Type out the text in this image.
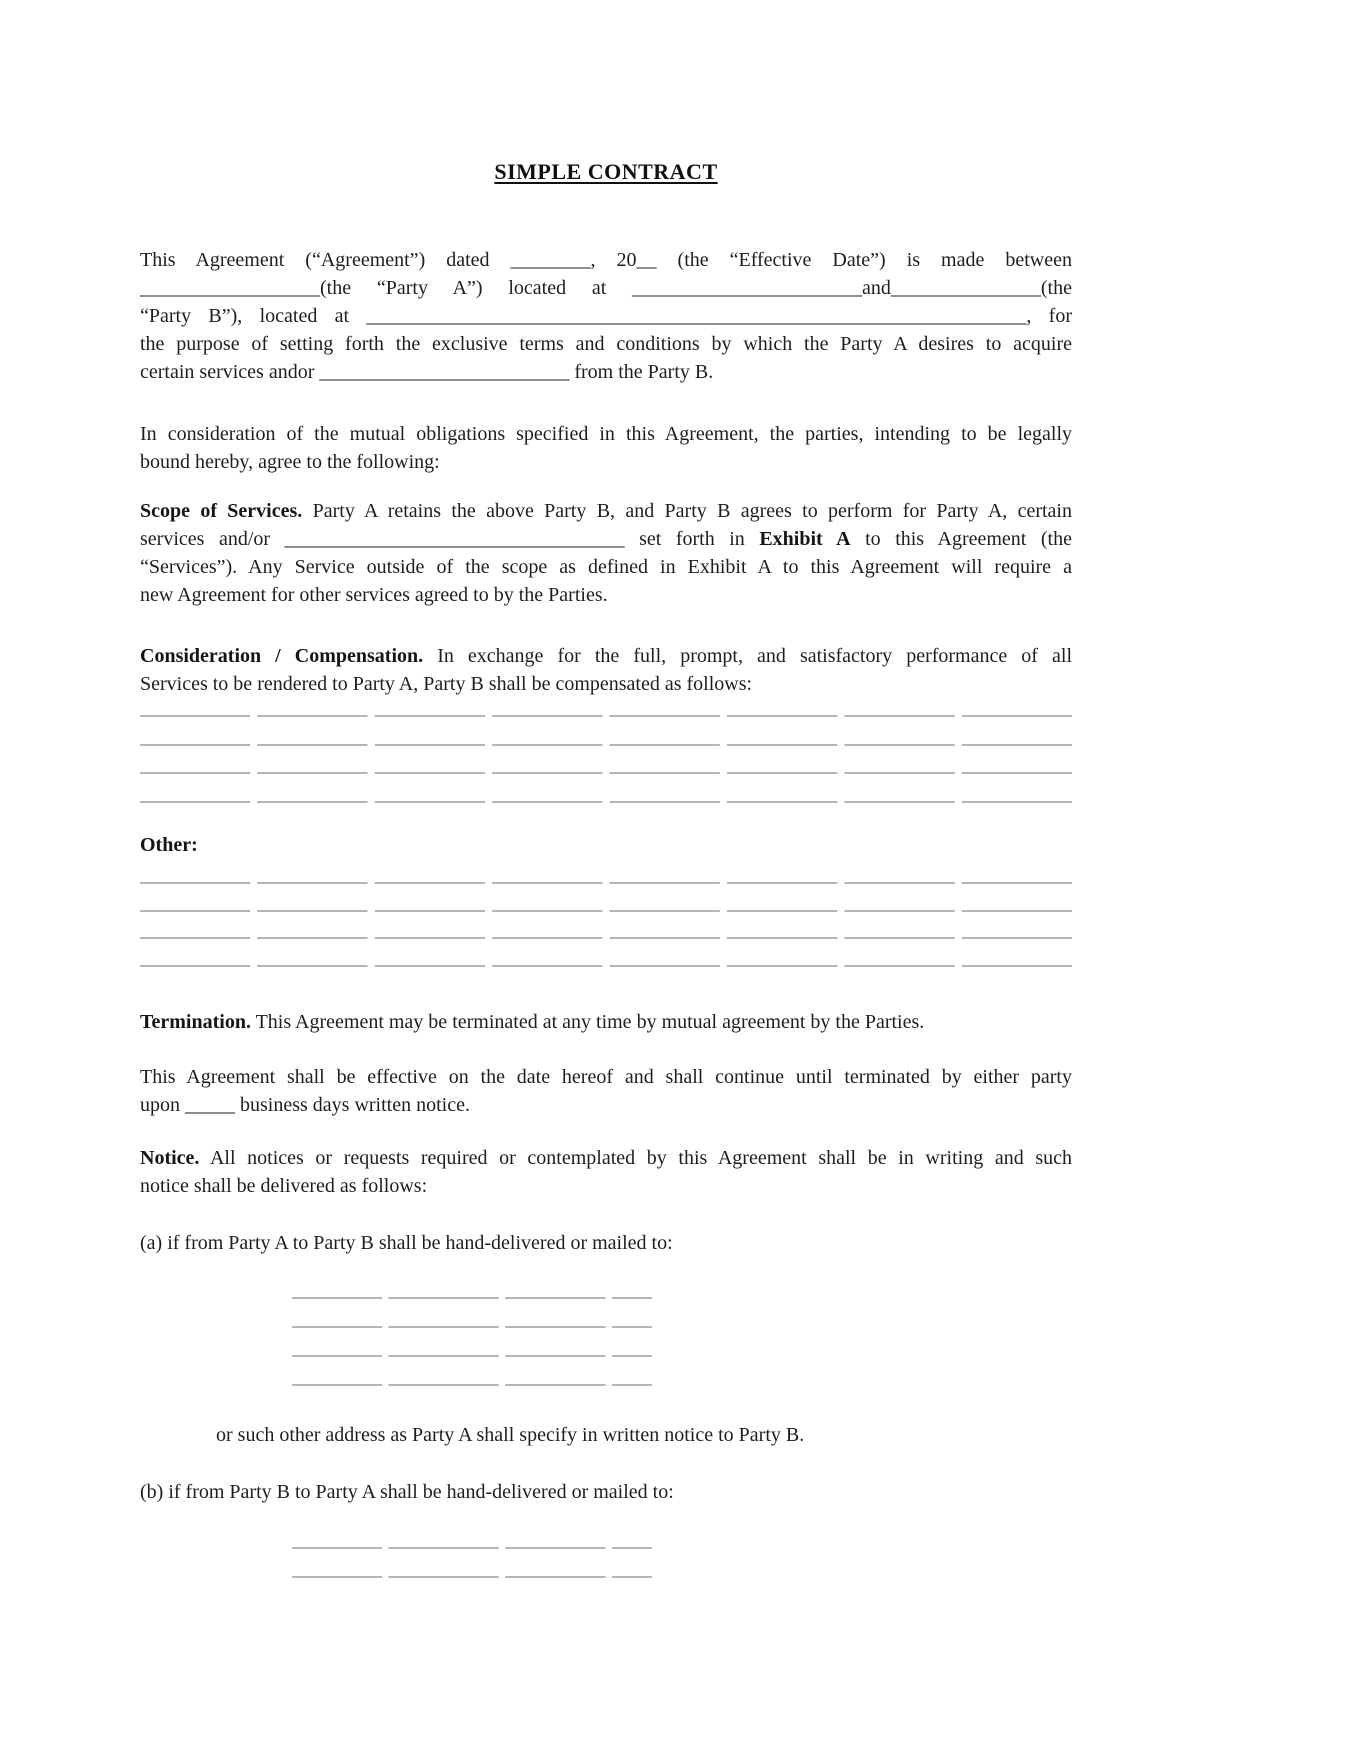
SIMPLE CONTRACT
This Agreement (“Agreement”) dated ________, 20__ (the “Effective Date”) is made between
__________________(the “Party A”) located at _______________________and_______________(the
“Party B”), located at __________________________________________________________________, for
the purpose of setting forth the exclusive terms and conditions by which the Party A desires to acquire
certain services andor _________________________ from the Party B.
In consideration of the mutual obligations specified in this Agreement, the parties, intending to be legally
bound hereby, agree to the following:
Scope of Services. Party A retains the above Party B, and Party B agrees to perform for Party A, certain
services and/or __________________________________ set forth in Exhibit A to this Agreement (the
“Services”). Any Service outside of the scope as defined in Exhibit A to this Agreement will require a
new Agreement for other services agreed to by the Parties.
Consideration / Compensation. In exchange for the full, prompt, and satisfactory performance of all
Services to be rendered to Party A, Party B shall be compensated as follows:
___________ ___________ ___________ ___________ ___________ ___________ ___________ ___________
___________ ___________ ___________ ___________ ___________ ___________ ___________ ___________
___________ ___________ ___________ ___________ ___________ ___________ ___________ ___________
___________ ___________ ___________ ___________ ___________ ___________ ___________ ___________
Other:
___________ ___________ ___________ ___________ ___________ ___________ ___________ ___________
___________ ___________ ___________ ___________ ___________ ___________ ___________ ___________
___________ ___________ ___________ ___________ ___________ ___________ ___________ ___________
___________ ___________ ___________ ___________ ___________ ___________ ___________ ___________
Termination. This Agreement may be terminated at any time by mutual agreement by the Parties.
This Agreement shall be effective on the date hereof and shall continue until terminated by either party
upon _____ business days written notice.
Notice. All notices or requests required or contemplated by this Agreement shall be in writing and such
notice shall be delivered as follows:
(a) if from Party A to Party B shall be hand-delivered or mailed to:
_________ ___________ __________ ____
_________ ___________ __________ ____
_________ ___________ __________ ____
_________ ___________ __________ ____
or such other address as Party A shall specify in written notice to Party B.
(b) if from Party B to Party A shall be hand-delivered or mailed to:
_________ ___________ __________ ____
_________ ___________ __________ ____
